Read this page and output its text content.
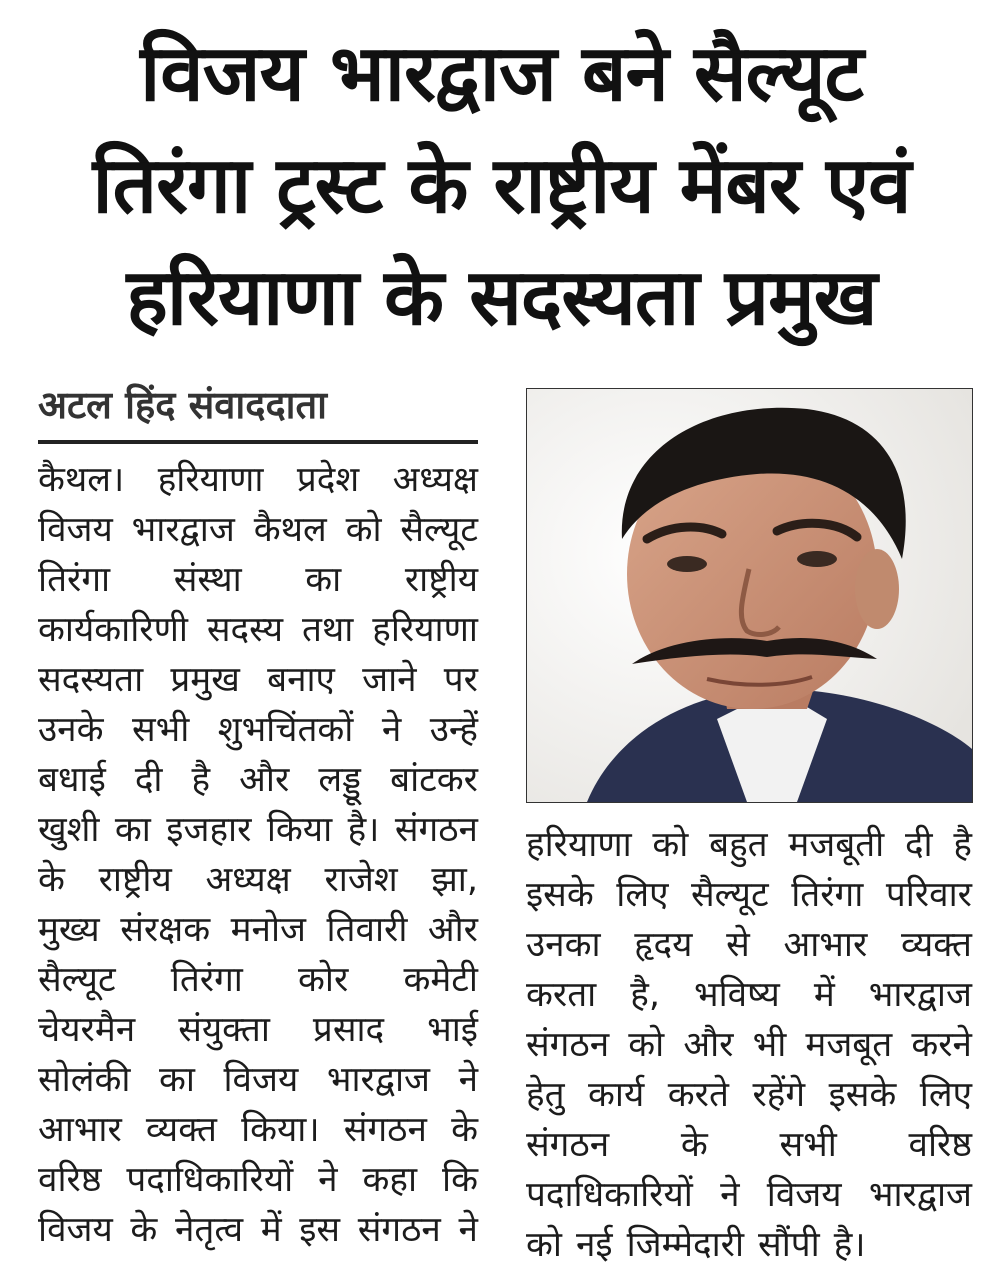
विजय भारद्वाज बने सैल्यूट
तिरंगा ट्रस्ट के राष्ट्रीय मेंबर एवं
हरियाणा के सदस्यता प्रमुख
अटल हिंद संवाददाता
कैथल। हरियाणा प्रदेश अध्यक्ष
विजय भारद्वाज कैथल को सैल्यूट
तिरंगा संस्था का राष्ट्रीय
कार्यकारिणी सदस्य तथा हरियाणा
सदस्यता प्रमुख बनाए जाने पर
उनके सभी शुभचिंतकों ने उन्हें
बधाई दी है और लड्डू बांटकर
खुशी का इजहार किया है। संगठन
के राष्ट्रीय अध्यक्ष राजेश झा,
मुख्य संरक्षक मनोज तिवारी और
सैल्यूट तिरंगा कोर कमेटी
चेयरमैन संयुक्ता प्रसाद भाई
सोलंकी का विजय भारद्वाज ने
आभार व्यक्त किया। संगठन के
वरिष्ठ पदाधिकारियों ने कहा कि
विजय के नेतृत्व में इस संगठन ने
हरियाणा को बहुत मजबूती दी है
इसके लिए सैल्यूट तिरंगा परिवार
उनका हृदय से आभार व्यक्त
करता है, भविष्य में भारद्वाज
संगठन को और भी मजबूत करने
हेतु कार्य करते रहेंगे इसके लिए
संगठन के सभी वरिष्ठ
पदाधिकारियों ने विजय भारद्वाज
को नई जिम्मेदारी सौंपी है।
